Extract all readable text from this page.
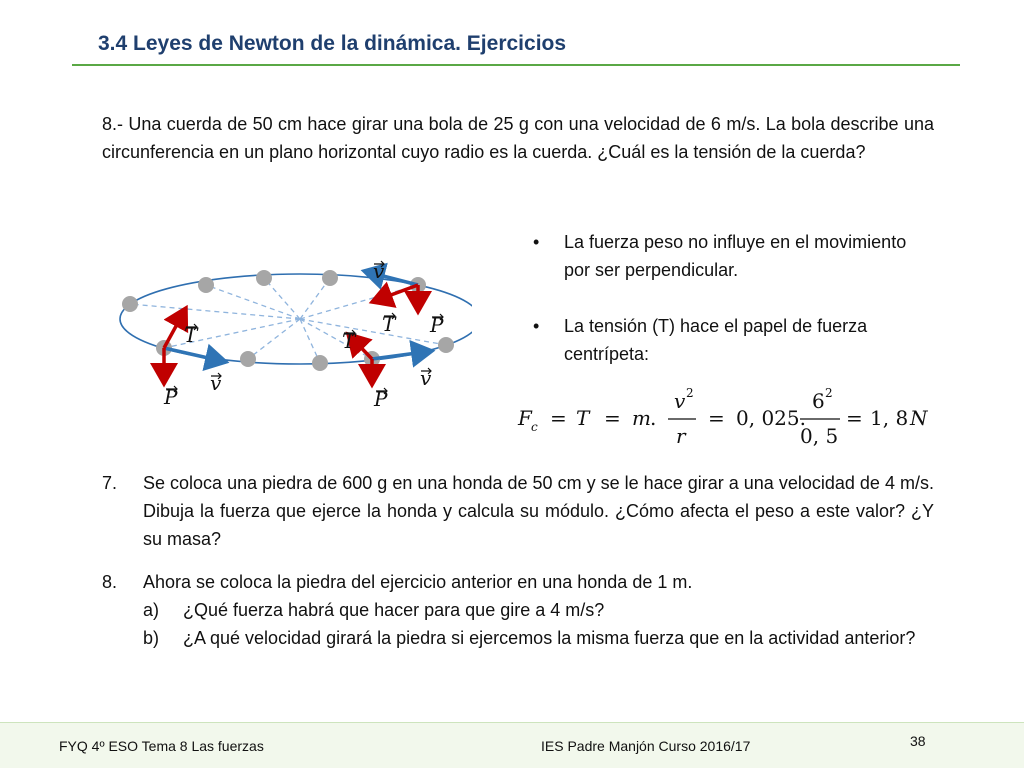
3.4 Leyes de Newton de la dinámica. Ejercicios
8.- Una cuerda de 50 cm hace girar una bola de 25 g con una velocidad de 6 m/s. La bola describe una circunferencia en un plano horizontal cuyo radio es la cuerda. ¿Cuál es la tensión de la cuerda?
v
T P
T	T
v	v
P	P
• La fuerza peso no influye en el movimiento por ser perpendicular.
• La tensión (T) hace el papel de fuerza centrípeta:
F c = T = m .
v 2
r
= 0, 025.
6 2
0, 5
= 1, 8 N
7. Se coloca una piedra de 600 g en una honda de 50 cm y se le hace girar a una velocidad de 4 m/s. Dibuja la fuerza que ejerce la honda y calcula su módulo. ¿Cómo afecta el peso a este valor? ¿Y su masa?
8. Ahora se coloca la piedra del ejercicio anterior en una honda de 1 m.
a) ¿Qué fuerza habrá que hacer para que gire a 4 m/s?
b) ¿A qué velocidad girará la piedra si ejercemos la misma fuerza que en la actividad anterior?
FYQ 4º ESO Tema 8 Las fuerzas	IES Padre Manjón Curso 2016/17	38
